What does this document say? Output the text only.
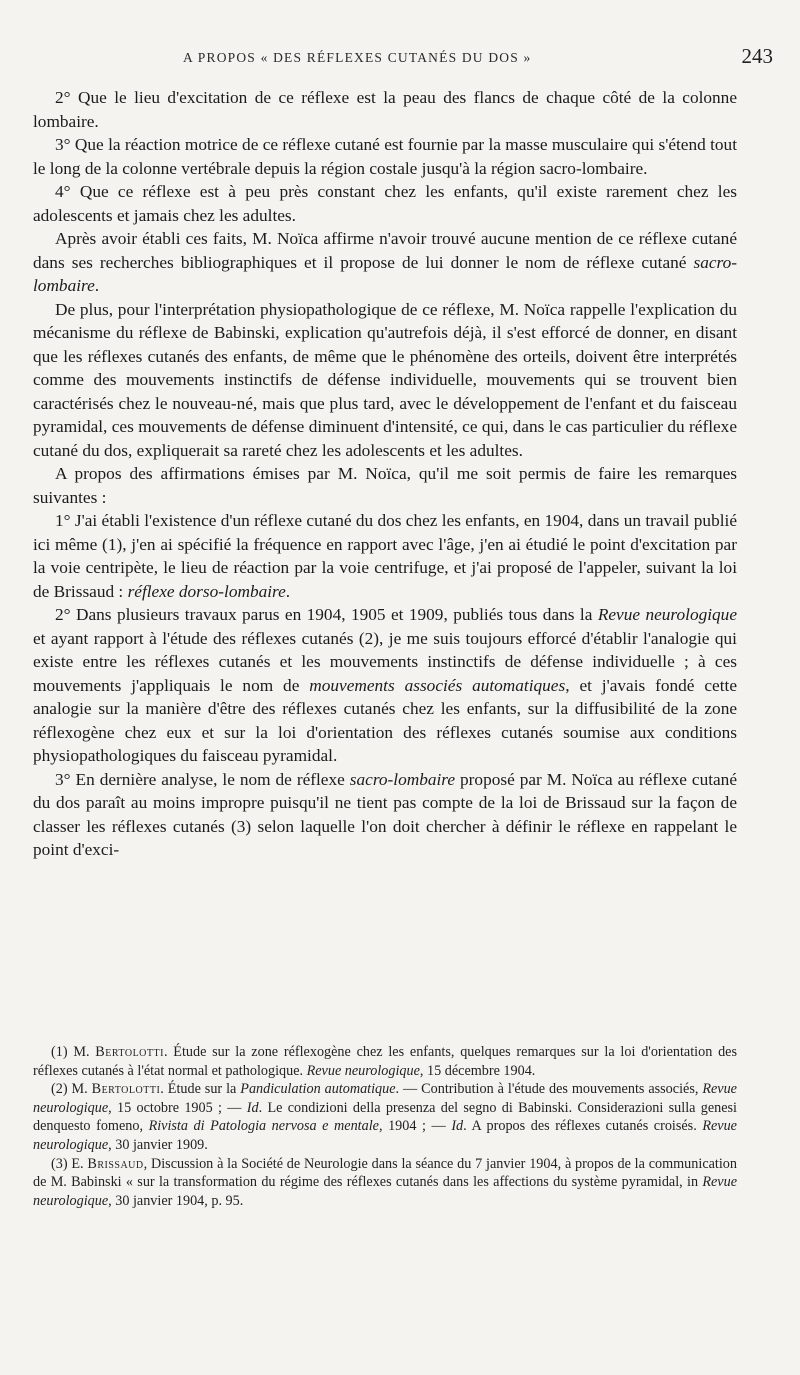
A PROPOS « DES RÉFLEXES CUTANÉS DU DOS »	243

2° Que le lieu d'excitation de ce réflexe est la peau des flancs de chaque côté de la colonne lombaire.

3° Que la réaction motrice de ce réflexe cutané est fournie par la masse musculaire qui s'étend tout le long de la colonne vertébrale depuis la région costale jusqu'à la région sacro-lombaire.

4° Que ce réflexe est à peu près constant chez les enfants, qu'il existe rarement chez les adolescents et jamais chez les adultes.

Après avoir établi ces faits, M. Noïca affirme n'avoir trouvé aucune mention de ce réflexe cutané dans ses recherches bibliographiques et il propose de lui donner le nom de réflexe cutané sacro-lombaire.

De plus, pour l'interprétation physiopathologique de ce réflexe, M. Noïca rappelle l'explication du mécanisme du réflexe de Babinski, explication qu'autrefois déjà, il s'est efforcé de donner, en disant que les réflexes cutanés des enfants, de même que le phénomène des orteils, doivent être interprétés comme des mouvements instinctifs de défense individuelle, mouvements qui se trouvent bien caractérisés chez le nouveau-né, mais que plus tard, avec le développement de l'enfant et du faisceau pyramidal, ces mouvements de défense diminuent d'intensité, ce qui, dans le cas particulier du réflexe cutané du dos, expliquerait sa rareté chez les adolescents et les adultes.

A propos des affirmations émises par M. Noïca, qu'il me soit permis de faire les remarques suivantes :

1° J'ai établi l'existence d'un réflexe cutané du dos chez les enfants, en 1904, dans un travail publié ici même (1), j'en ai spécifié la fréquence en rapport avec l'âge, j'en ai étudié le point d'excitation par la voie centripète, le lieu de réaction par la voie centrifuge, et j'ai proposé de l'appeler, suivant la loi de Brissaud : réflexe dorso-lombaire.

2° Dans plusieurs travaux parus en 1904, 1905 et 1909, publiés tous dans la Revue neurologique et ayant rapport à l'étude des réflexes cutanés (2), je me suis toujours efforcé d'établir l'analogie qui existe entre les réflexes cutanés et les mouvements instinctifs de défense individuelle ; à ces mouvements j'appliquais le nom de mouvements associés automatiques, et j'avais fondé cette analogie sur la manière d'être des réflexes cutanés chez les enfants, sur la diffusibilité de la zone réflexogène chez eux et sur la loi d'orientation des réflexes cutanés soumise aux conditions physiopathologiques du faisceau pyramidal.

3° En dernière analyse, le nom de réflexe sacro-lombaire proposé par M. Noïca au réflexe cutané du dos paraît au moins impropre puisqu'il ne tient pas compte de la loi de Brissaud sur la façon de classer les réflexes cutanés (3) selon laquelle l'on doit chercher à définir le réflexe en rappelant le point d'exci-

(1) M. Bertolotti. Étude sur la zone réflexogène chez les enfants, quelques remarques sur la loi d'orientation des réflexes cutanés à l'état normal et pathologique. Revue neurologique, 15 décembre 1904.

(2) M. Bertolotti. Étude sur la Pandiculation automatique. — Contribution à l'étude des mouvements associés, Revue neurologique, 15 octobre 1905 ; — Id. Le condizioni della presenza del segno di Babinski. Considerazioni sulla genesi denquesto fomeno, Rivista di Patologia nervosa e mentale, 1904 ; — Id. A propos des réflexes cutanés croisés. Revue neurologique, 30 janvier 1909.

(3) E. Brissaud, Discussion à la Société de Neurologie dans la séance du 7 janvier 1904, à propos de la communication de M. Babinski « sur la transformation du régime des réflexes cutanés dans les affections du système pyramidal, in Revue neurologique, 30 janvier 1904, p. 95.
